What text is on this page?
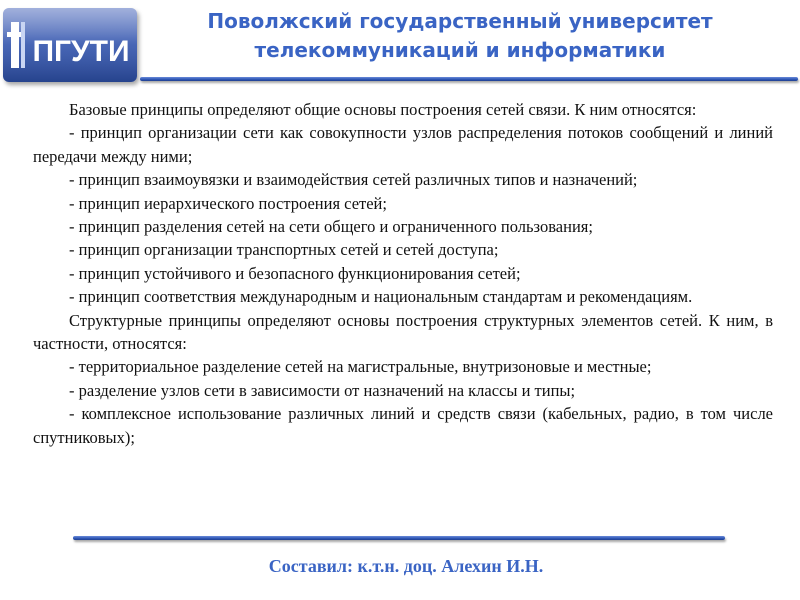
ПГУТИ
Поволжский государственный университет
телекоммуникаций и информатики

Базовые принципы определяют общие основы построения сетей связи. К ним относятся:

- принцип организации сети как совокупности узлов распределения потоков сообщений и линий передачи между ними;

- принцип взаимоувязки и взаимодействия сетей различных типов и назначений;

- принцип иерархического построения сетей;

- принцип разделения сетей на сети общего и ограниченного пользования;

- принцип организации транспортных сетей и сетей доступа;

- принцип устойчивого и безопасного функционирования сетей;

- принцип соответствия международным и национальным стандартам и рекомендациям.

Структурные принципы определяют основы построения структурных элементов сетей. К ним, в частности, относятся:

- территориальное разделение сетей на магистральные, внутризоновые и местные;

- разделение узлов сети в зависимости от назначений на классы и типы;

- комплексное использование различных линий и средств связи (кабельных, радио, в том числе спутниковых);

Составил: к.т.н. доц. Алехин И.Н.
